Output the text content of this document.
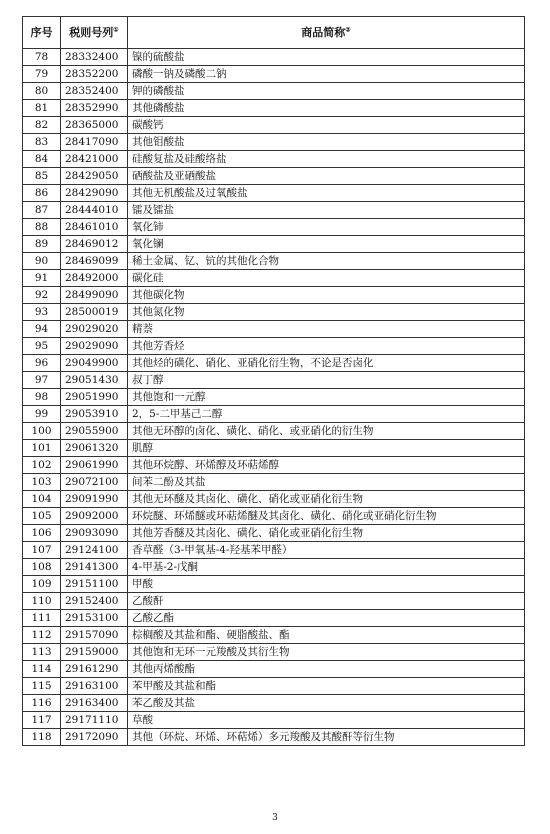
序号	税则号列①	商品简称②
78	28332400	镍的硫酸盐
79	28352200	磷酸一钠及磷酸二钠
80	28352400	钾的磷酸盐
81	28352990	其他磷酸盐
82	28365000	碳酸钙
83	28417090	其他钼酸盐
84	28421000	硅酸复盐及硅酸络盐
85	28429050	硒酸盐及亚硒酸盐
86	28429090	其他无机酸盐及过氧酸盐
87	28444010	镭及镭盐
88	28461010	氧化铈
89	28469012	氧化镧
90	28469099	稀土金属、钇、钪的其他化合物
91	28492000	碳化硅
92	28499090	其他碳化物
93	28500019	其他氮化物
94	29029020	精萘
95	29029090	其他芳香烃
96	29049900	其他烃的磺化、硝化、亚硝化衍生物，不论是否卤化
97	29051430	叔丁醇
98	29051990	其他饱和一元醇
99	29053910	2，5-二甲基己二醇
100	29055900	其他无环醇的卤化、磺化、硝化、或亚硝化的衍生物
101	29061320	肌醇
102	29061990	其他环烷醇、环烯醇及环萜烯醇
103	29072100	间苯二酚及其盐
104	29091990	其他无环醚及其卤化、磺化、硝化或亚硝化衍生物
105	29092000	环烷醚、环烯醚或环萜烯醚及其卤化、磺化、硝化或亚硝化衍生物
106	29093090	其他芳香醚及其卤化、磺化、硝化或亚硝化衍生物
107	29124100	香草醛（3-甲氧基-4-羟基苯甲醛）
108	29141300	4-甲基-2-戊酮
109	29151100	甲酸
110	29152400	乙酸酐
111	29153100	乙酸乙酯
112	29157090	棕榈酸及其盐和酯、硬脂酸盐、酯
113	29159000	其他饱和无环一元羧酸及其衍生物
114	29161290	其他丙烯酸酯
115	29163100	苯甲酸及其盐和酯
116	29163400	苯乙酸及其盐
117	29171110	草酸
118	29172090	其他（环烷、环烯、环萜烯）多元羧酸及其酸酐等衍生物
3
